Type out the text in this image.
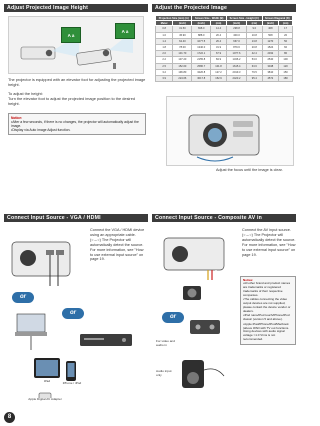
Adjust Projected Image Height
A a
A a
The projector is equipped with an elevator foot for adjusting the projected image height.
To adjust the height:
Turn the elevator foot to adjust the projected image position to the desired height.
Notice:
• After a few seconds, if there is no changes, the projector will automatically adjust the image.
• Display via Auto image Adjust function.
Adjust the Projected Image
Projection Size (mm) (A)		Screen Size - Width (B)		Screen Size - Height (C)		Screen Diagonal (D)	
Meter	(inch)	(inch)	(cm)	(inch)	(cm)	(inch)	(cm)
0.8	31.50	698.0	14.4	298.8	9.0	408	17
1.0	45.90	888.0	20.4	400.0	10.8	508	20
1.4	62.40	1077.5	26.4	667.0	13.8	1270	50
1.8	78.00	1346.0	31.9	879.6	20.8	1524	60
2.0	131.70	1722.1	67.9	1077.6	42.4	2032	80
2.2	137.20	2155.8	84.9	1346.2	53.0	2540	100
2.5	152.60	2586.7	101.8	1615.4	63.6	3048	120
3.2	196.80	3226.8	127.2	2019.3	79.5	3810	150
3.9	224.66	3017.8	152.9	2423.2	95.4	4572	180
Adjust the focus until the image is clear.
Connect Input Source - VGA / HDMI
Connect the VGA / HDMI device using an appropriate cable. (○→○) The Projector will automatically detect the source. For more information, see "How to use external input source" on page 19.
or
or
iPad	iPhone / iPod
Apple Digital AV Adapter
Connect Input Source - Composite AV in
Connect the AV input source. (○→○) The Projector will automatically detect the source. For more information, see "How to use external input source" on page 19.
or
For video and audio in
Audio input only
Notice:
• All other brand and product names are trademarks or registered trademarks of their respective companies.
• The cables connecting the video output devices are not supplied, please contact the device vendor or dealers.
• iPod nano/iPod touch/iPhone/iPod classic (version 5 and above).
• Apple iPad/iPhone/iPod/Macbook (above iPAD with TV out functions. Using devices with audio signal voltage >1.0 Vrms is not recommended.
8
